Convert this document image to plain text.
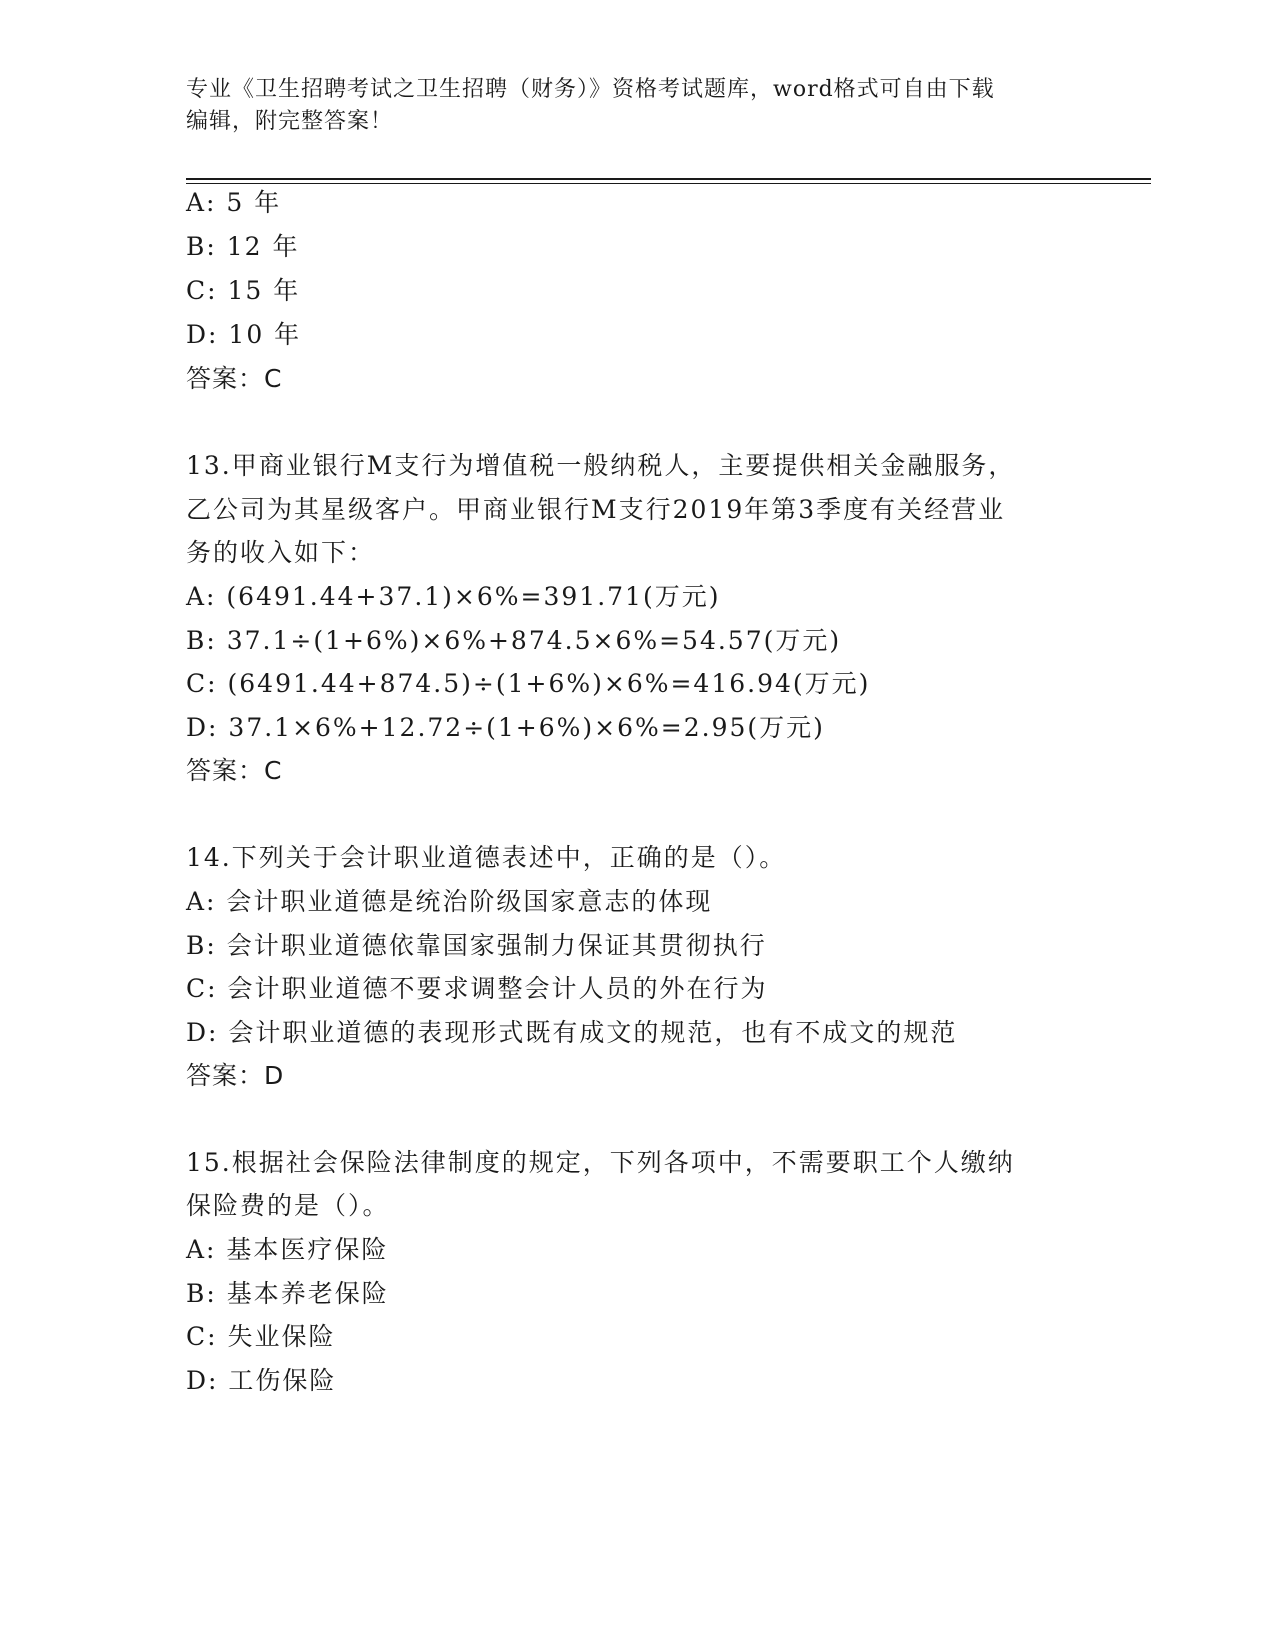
专业《卫生招聘考试之卫生招聘（财务）》资格考试题库，word格式可自由下载
编辑，附完整答案！
A: 5 年
B: 12 年
C: 15 年
D: 10 年
答案：C
13.甲商业银行M支行为增值税一般纳税人，主要提供相关金融服务，
乙公司为其星级客户。甲商业银行M支行2019年第3季度有关经营业
务的收入如下：
A: (6491.44+37.1)×6%=391.71(万元)
B: 37.1÷(1+6%)×6%+874.5×6%=54.57(万元)
C: (6491.44+874.5)÷(1+6%)×6%=416.94(万元)
D: 37.1×6%+12.72÷(1+6%)×6%=2.95(万元)
答案：C
14.下列关于会计职业道德表述中，正确的是（）。
A: 会计职业道德是统治阶级国家意志的体现
B: 会计职业道德依靠国家强制力保证其贯彻执行
C: 会计职业道德不要求调整会计人员的外在行为
D: 会计职业道德的表现形式既有成文的规范，也有不成文的规范
答案：D
15.根据社会保险法律制度的规定，下列各项中，不需要职工个人缴纳
保险费的是（）。
A: 基本医疗保险
B: 基本养老保险
C: 失业保险
D: 工伤保险
